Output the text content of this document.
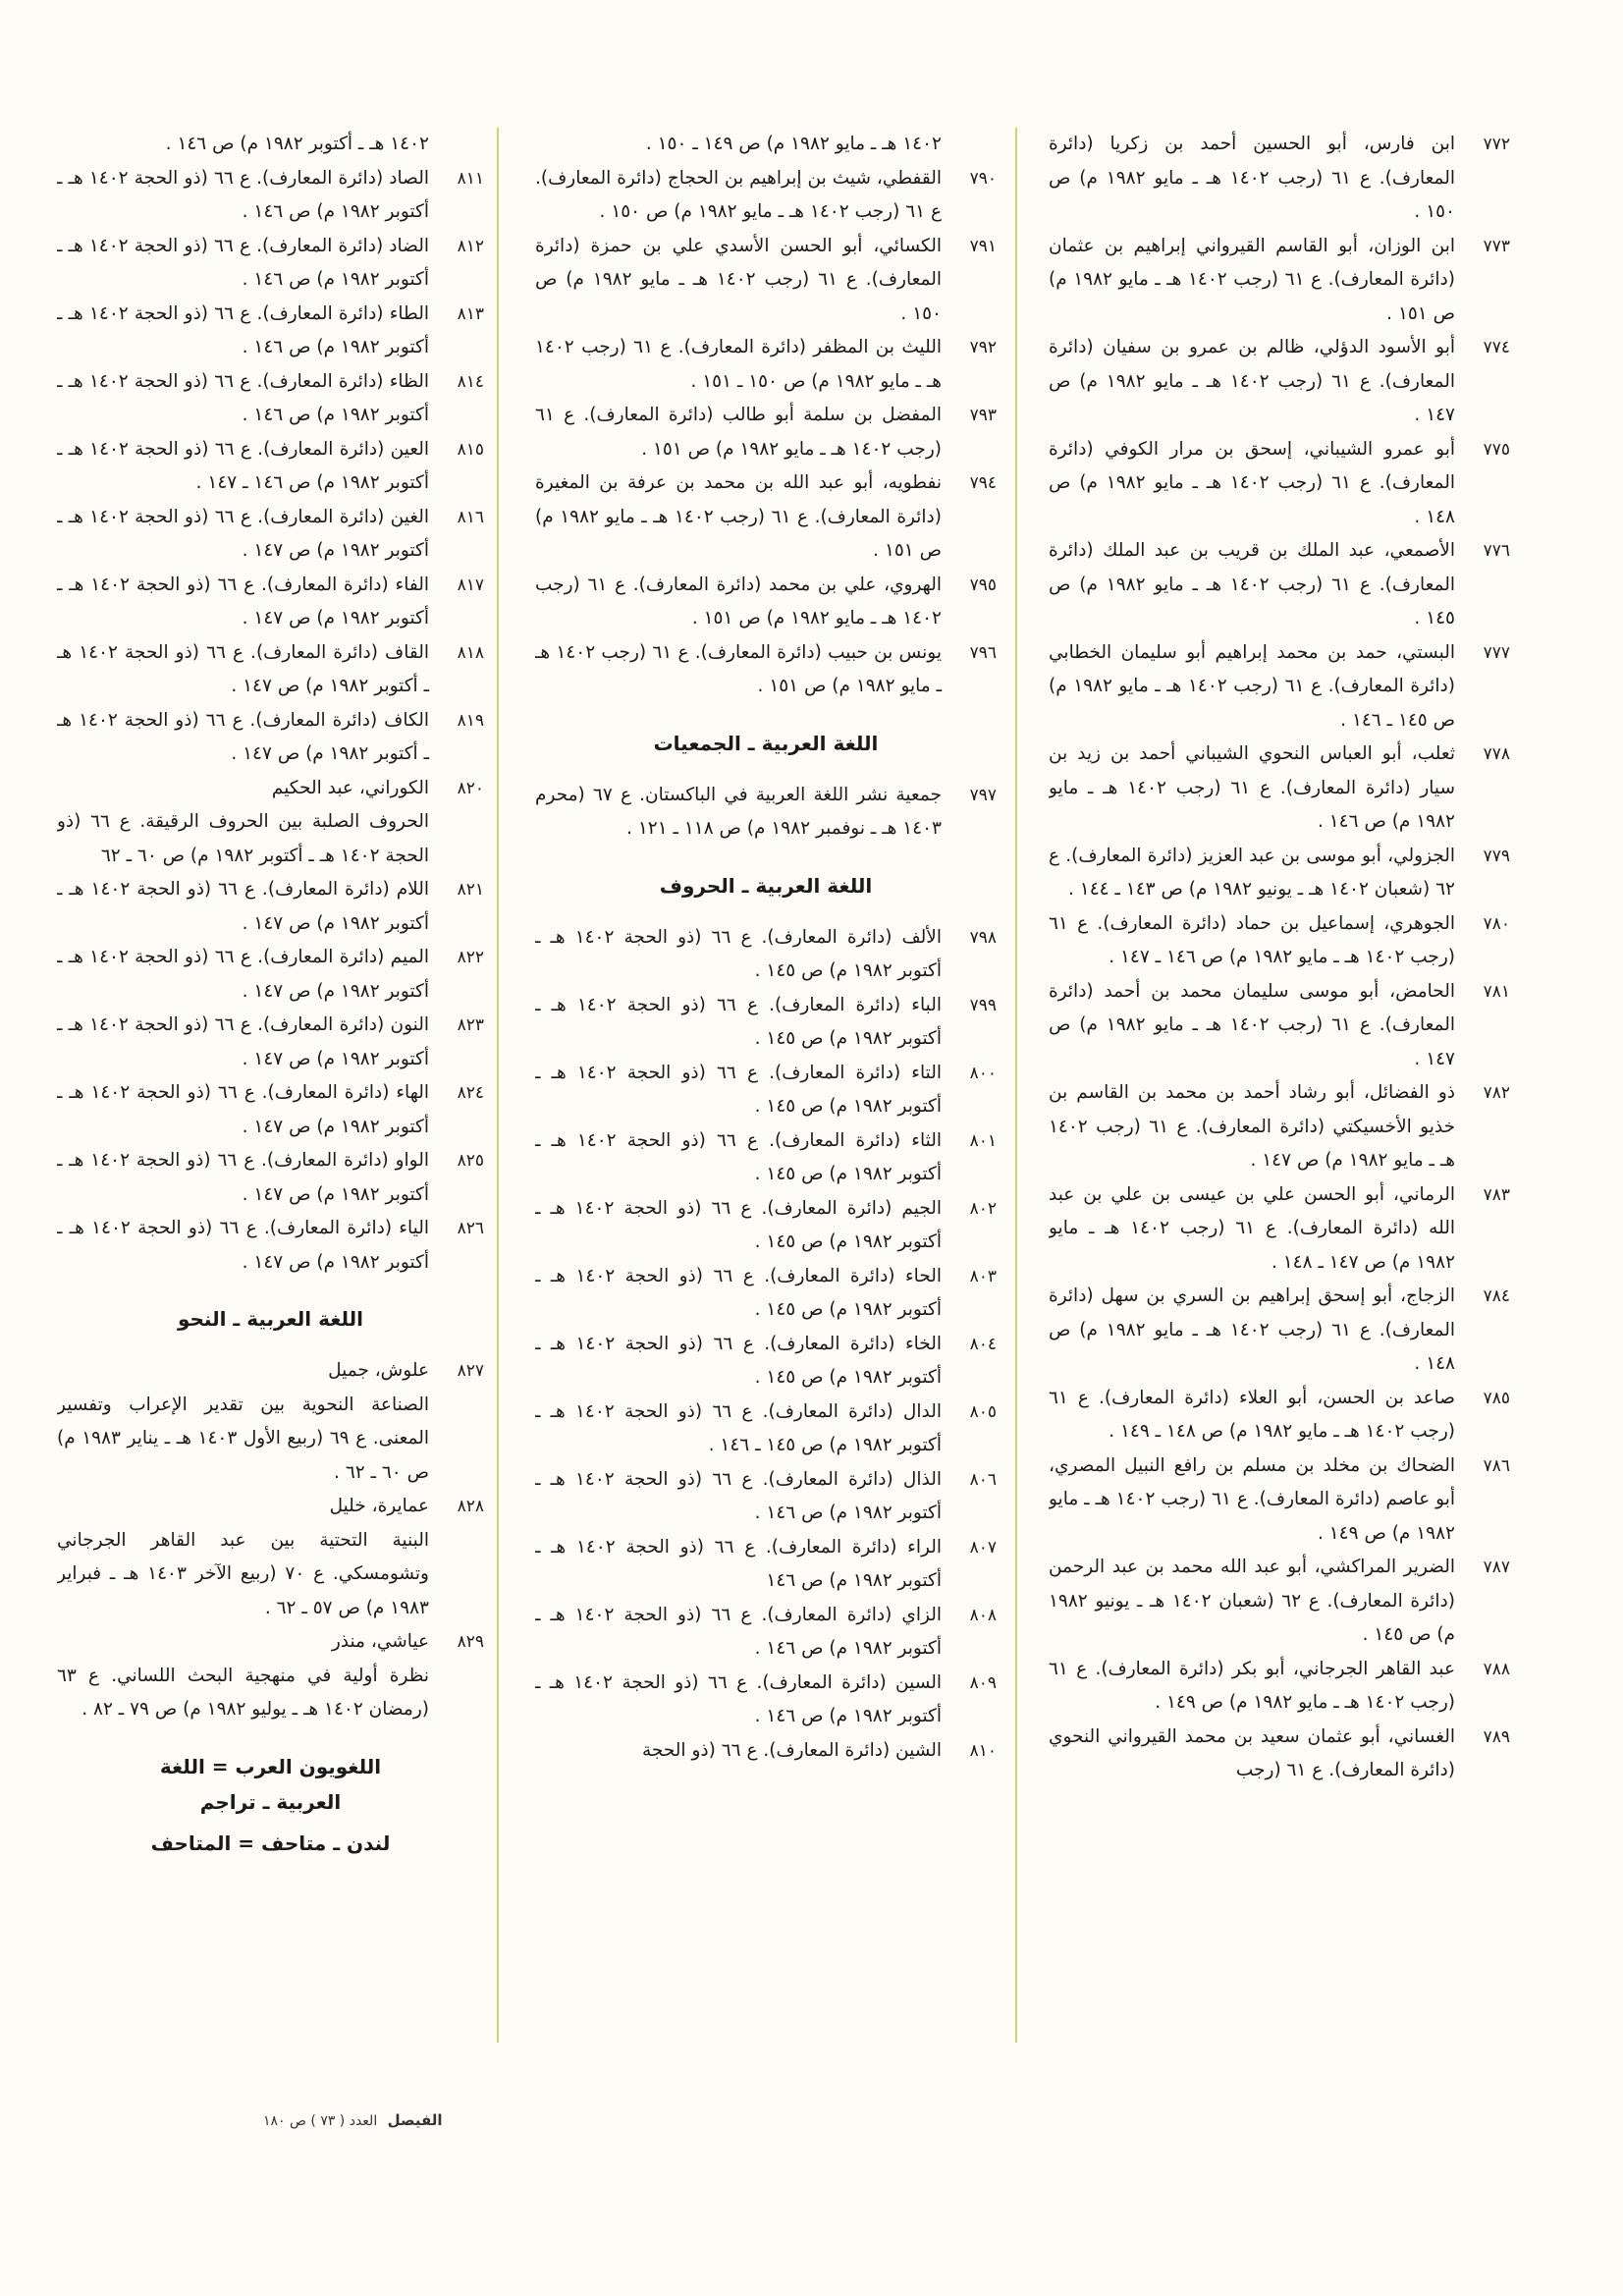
٧٧٢
ابن فارس، أبو الحسين أحمد بن زكريا (دائرة المعارف). ع ٦١ (رجب ١٤٠٢ هـ ـ مايو ١٩٨٢ م) ص ١٥٠ .
٧٧٣
ابن الوزان، أبو القاسم القيرواني إبراهيم بن عثمان (دائرة المعارف). ع ٦١ (رجب ١٤٠٢ هـ ـ مايو ١٩٨٢ م) ص ١٥١ .
٧٧٤
أبو الأسود الدؤلي، ظالم بن عمرو بن سفيان (دائرة المعارف). ع ٦١ (رجب ١٤٠٢ هـ ـ مايو ١٩٨٢ م) ص ١٤٧ .
٧٧٥
أبو عمرو الشيباني، إسحق بن مرار الكوفي (دائرة المعارف). ع ٦١ (رجب ١٤٠٢ هـ ـ مايو ١٩٨٢ م) ص ١٤٨ .
٧٧٦
الأصمعي، عبد الملك بن قريب بن عبد الملك (دائرة المعارف). ع ٦١ (رجب ١٤٠٢ هـ ـ مايو ١٩٨٢ م) ص ١٤٥ .
٧٧٧
البستي، حمد بن محمد إبراهيم أبو سليمان الخطابي (دائرة المعارف). ع ٦١ (رجب ١٤٠٢ هـ ـ مايو ١٩٨٢ م) ص ١٤٥ ـ ١٤٦ .
٧٧٨
ثعلب، أبو العباس النحوي الشيباني أحمد بن زيد بن سيار (دائرة المعارف). ع ٦١ (رجب ١٤٠٢ هـ ـ مايو ١٩٨٢ م) ص ١٤٦ .
٧٧٩
الجزولي، أبو موسى بن عبد العزيز (دائرة المعارف). ع ٦٢ (شعبان ١٤٠٢ هـ ـ يونيو ١٩٨٢ م) ص ١٤٣ ـ ١٤٤ .
٧٨٠
الجوهري، إسماعيل بن حماد (دائرة المعارف). ع ٦١ (رجب ١٤٠٢ هـ ـ مايو ١٩٨٢ م) ص ١٤٦ ـ ١٤٧ .
٧٨١
الحامض، أبو موسى سليمان محمد بن أحمد (دائرة المعارف). ع ٦١ (رجب ١٤٠٢ هـ ـ مايو ١٩٨٢ م) ص ١٤٧ .
٧٨٢
ذو الفضائل، أبو رشاد أحمد بن محمد بن القاسم بن خذيو الأخسيكتي (دائرة المعارف). ع ٦١ (رجب ١٤٠٢ هـ ـ مايو ١٩٨٢ م) ص ١٤٧ .
٧٨٣
الرماني، أبو الحسن علي بن عيسى بن علي بن عبد الله (دائرة المعارف). ع ٦١ (رجب ١٤٠٢ هـ ـ مايو ١٩٨٢ م) ص ١٤٧ ـ ١٤٨ .
٧٨٤
الزجاج، أبو إسحق إبراهيم بن السري بن سهل (دائرة المعارف). ع ٦١ (رجب ١٤٠٢ هـ ـ مايو ١٩٨٢ م) ص ١٤٨ .
٧٨٥
صاعد بن الحسن، أبو العلاء (دائرة المعارف). ع ٦١ (رجب ١٤٠٢ هـ ـ مايو ١٩٨٢ م) ص ١٤٨ ـ ١٤٩ .
٧٨٦
الضحاك بن مخلد بن مسلم بن رافع النبيل المصري، أبو عاصم (دائرة المعارف). ع ٦١ (رجب ١٤٠٢ هـ ـ مايو ١٩٨٢ م) ص ١٤٩ .
٧٨٧
الضرير المراكشي، أبو عبد الله محمد بن عبد الرحمن (دائرة المعارف). ع ٦٢ (شعبان ١٤٠٢ هـ ـ يونيو ١٩٨٢ م) ص ١٤٥ .
٧٨٨
عبد القاهر الجرجاني، أبو بكر (دائرة المعارف). ع ٦١ (رجب ١٤٠٢ هـ ـ مايو ١٩٨٢ م) ص ١٤٩ .
٧٨٩
الغساني، أبو عثمان سعيد بن محمد القيرواني النحوي (دائرة المعارف). ع ٦١ (رجب
١٤٠٢ هـ ـ مايو ١٩٨٢ م) ص ١٤٩ ـ ١٥٠ .
٧٩٠
القفطي، شيث بن إبراهيم بن الحجاج (دائرة المعارف). ع ٦١ (رجب ١٤٠٢ هـ ـ مايو ١٩٨٢ م) ص ١٥٠ .
٧٩١
الكسائي، أبو الحسن الأسدي علي بن حمزة (دائرة المعارف). ع ٦١ (رجب ١٤٠٢ هـ ـ مايو ١٩٨٢ م) ص ١٥٠ .
٧٩٢
الليث بن المظفر (دائرة المعارف). ع ٦١ (رجب ١٤٠٢ هـ ـ مايو ١٩٨٢ م) ص ١٥٠ ـ ١٥١ .
٧٩٣
المفضل بن سلمة أبو طالب (دائرة المعارف). ع ٦١ (رجب ١٤٠٢ هـ ـ مايو ١٩٨٢ م) ص ١٥١ .
٧٩٤
نفطويه، أبو عبد الله بن محمد بن عرفة بن المغيرة (دائرة المعارف). ع ٦١ (رجب ١٤٠٢ هـ ـ مايو ١٩٨٢ م) ص ١٥١ .
٧٩٥
الهروي، علي بن محمد (دائرة المعارف). ع ٦١ (رجب ١٤٠٢ هـ ـ مايو ١٩٨٢ م) ص ١٥١ .
٧٩٦
يونس بن حبيب (دائرة المعارف). ع ٦١ (رجب ١٤٠٢ هـ ـ مايو ١٩٨٢ م) ص ١٥١ .
اللغة العربية ـ الجمعيات
٧٩٧
جمعية نشر اللغة العربية في الباكستان. ع ٦٧ (محرم ١٤٠٣ هـ ـ نوفمبر ١٩٨٢ م) ص ١١٨ ـ ١٢١ .
اللغة العربية ـ الحروف
٧٩٨
الألف (دائرة المعارف). ع ٦٦ (ذو الحجة ١٤٠٢ هـ ـ أكتوبر ١٩٨٢ م) ص ١٤٥ .
٧٩٩
الباء (دائرة المعارف). ع ٦٦ (ذو الحجة ١٤٠٢ هـ ـ أكتوبر ١٩٨٢ م) ص ١٤٥ .
٨٠٠
التاء (دائرة المعارف). ع ٦٦ (ذو الحجة ١٤٠٢ هـ ـ أكتوبر ١٩٨٢ م) ص ١٤٥ .
٨٠١
الثاء (دائرة المعارف). ع ٦٦ (ذو الحجة ١٤٠٢ هـ ـ أكتوبر ١٩٨٢ م) ص ١٤٥ .
٨٠٢
الجيم (دائرة المعارف). ع ٦٦ (ذو الحجة ١٤٠٢ هـ ـ أكتوبر ١٩٨٢ م) ص ١٤٥ .
٨٠٣
الحاء (دائرة المعارف). ع ٦٦ (ذو الحجة ١٤٠٢ هـ ـ أكتوبر ١٩٨٢ م) ص ١٤٥ .
٨٠٤
الخاء (دائرة المعارف). ع ٦٦ (ذو الحجة ١٤٠٢ هـ ـ أكتوبر ١٩٨٢ م) ص ١٤٥ .
٨٠٥
الدال (دائرة المعارف). ع ٦٦ (ذو الحجة ١٤٠٢ هـ ـ أكتوبر ١٩٨٢ م) ص ١٤٥ ـ ١٤٦ .
٨٠٦
الذال (دائرة المعارف). ع ٦٦ (ذو الحجة ١٤٠٢ هـ ـ أكتوبر ١٩٨٢ م) ص ١٤٦ .
٨٠٧
الراء (دائرة المعارف). ع ٦٦ (ذو الحجة ١٤٠٢ هـ ـ أكتوبر ١٩٨٢ م) ص ١٤٦
٨٠٨
الزاي (دائرة المعارف). ع ٦٦ (ذو الحجة ١٤٠٢ هـ ـ أكتوبر ١٩٨٢ م) ص ١٤٦ .
٨٠٩
السين (دائرة المعارف). ع ٦٦ (ذو الحجة ١٤٠٢ هـ ـ أكتوبر ١٩٨٢ م) ص ١٤٦ .
٨١٠
الشين (دائرة المعارف). ع ٦٦ (ذو الحجة
١٤٠٢ هـ ـ أكتوبر ١٩٨٢ م) ص ١٤٦ .
٨١١
الصاد (دائرة المعارف). ع ٦٦ (ذو الحجة ١٤٠٢ هـ ـ أكتوبر ١٩٨٢ م) ص ١٤٦ .
٨١٢
الضاد (دائرة المعارف). ع ٦٦ (ذو الحجة ١٤٠٢ هـ ـ أكتوبر ١٩٨٢ م) ص ١٤٦ .
٨١٣
الطاء (دائرة المعارف). ع ٦٦ (ذو الحجة ١٤٠٢ هـ ـ أكتوبر ١٩٨٢ م) ص ١٤٦ .
٨١٤
الظاء (دائرة المعارف). ع ٦٦ (ذو الحجة ١٤٠٢ هـ ـ أكتوبر ١٩٨٢ م) ص ١٤٦ .
٨١٥
العين (دائرة المعارف). ع ٦٦ (ذو الحجة ١٤٠٢ هـ ـ أكتوبر ١٩٨٢ م) ص ١٤٦ ـ ١٤٧ .
٨١٦
الغين (دائرة المعارف). ع ٦٦ (ذو الحجة ١٤٠٢ هـ ـ أكتوبر ١٩٨٢ م) ص ١٤٧ .
٨١٧
الفاء (دائرة المعارف). ع ٦٦ (ذو الحجة ١٤٠٢ هـ ـ أكتوبر ١٩٨٢ م) ص ١٤٧ .
٨١٨
القاف (دائرة المعارف). ع ٦٦ (ذو الحجة ١٤٠٢ هـ ـ أكتوبر ١٩٨٢ م) ص ١٤٧ .
٨١٩
الكاف (دائرة المعارف). ع ٦٦ (ذو الحجة ١٤٠٢ هـ ـ أكتوبر ١٩٨٢ م) ص ١٤٧ .
٨٢٠
الكوراني، عبد الحكيم
الحروف الصلبة بين الحروف الرقيقة. ع ٦٦ (ذو الحجة ١٤٠٢ هـ ـ أكتوبر ١٩٨٢ م) ص ٦٠ ـ ٦٢
٨٢١
اللام (دائرة المعارف). ع ٦٦ (ذو الحجة ١٤٠٢ هـ ـ أكتوبر ١٩٨٢ م) ص ١٤٧ .
٨٢٢
الميم (دائرة المعارف). ع ٦٦ (ذو الحجة ١٤٠٢ هـ ـ أكتوبر ١٩٨٢ م) ص ١٤٧ .
٨٢٣
النون (دائرة المعارف). ع ٦٦ (ذو الحجة ١٤٠٢ هـ ـ أكتوبر ١٩٨٢ م) ص ١٤٧ .
٨٢٤
الهاء (دائرة المعارف). ع ٦٦ (ذو الحجة ١٤٠٢ هـ ـ أكتوبر ١٩٨٢ م) ص ١٤٧ .
٨٢٥
الواو (دائرة المعارف). ع ٦٦ (ذو الحجة ١٤٠٢ هـ ـ أكتوبر ١٩٨٢ م) ص ١٤٧ .
٨٢٦
الياء (دائرة المعارف). ع ٦٦ (ذو الحجة ١٤٠٢ هـ ـ أكتوبر ١٩٨٢ م) ص ١٤٧ .
اللغة العربية ـ النحو
٨٢٧
علوش، جميل
الصناعة النحوية بين تقدير الإعراب وتفسير المعنى. ع ٦٩ (ربيع الأول ١٤٠٣ هـ ـ يناير ١٩٨٣ م) ص ٦٠ ـ ٦٢ .
٨٢٨
عمايرة، خليل
البنية التحتية بين عبد القاهر الجرجاني وتشومسكي. ع ٧٠ (ربيع الآخر ١٤٠٣ هـ ـ فبراير ١٩٨٣ م) ص ٥٧ ـ ٦٢ .
٨٢٩
عياشي، منذر
نظرة أولية في منهجية البحث اللساني. ع ٦٣ (رمضان ١٤٠٢ هـ ـ يوليو ١٩٨٢ م) ص ٧٩ ـ ٨٢ .
اللغويون العرب = اللغة
العربية ـ تراجم
لندن ـ متاحف = المتاحف
الفيصل العدد ( ٧٣ ) ص ١٨٠
